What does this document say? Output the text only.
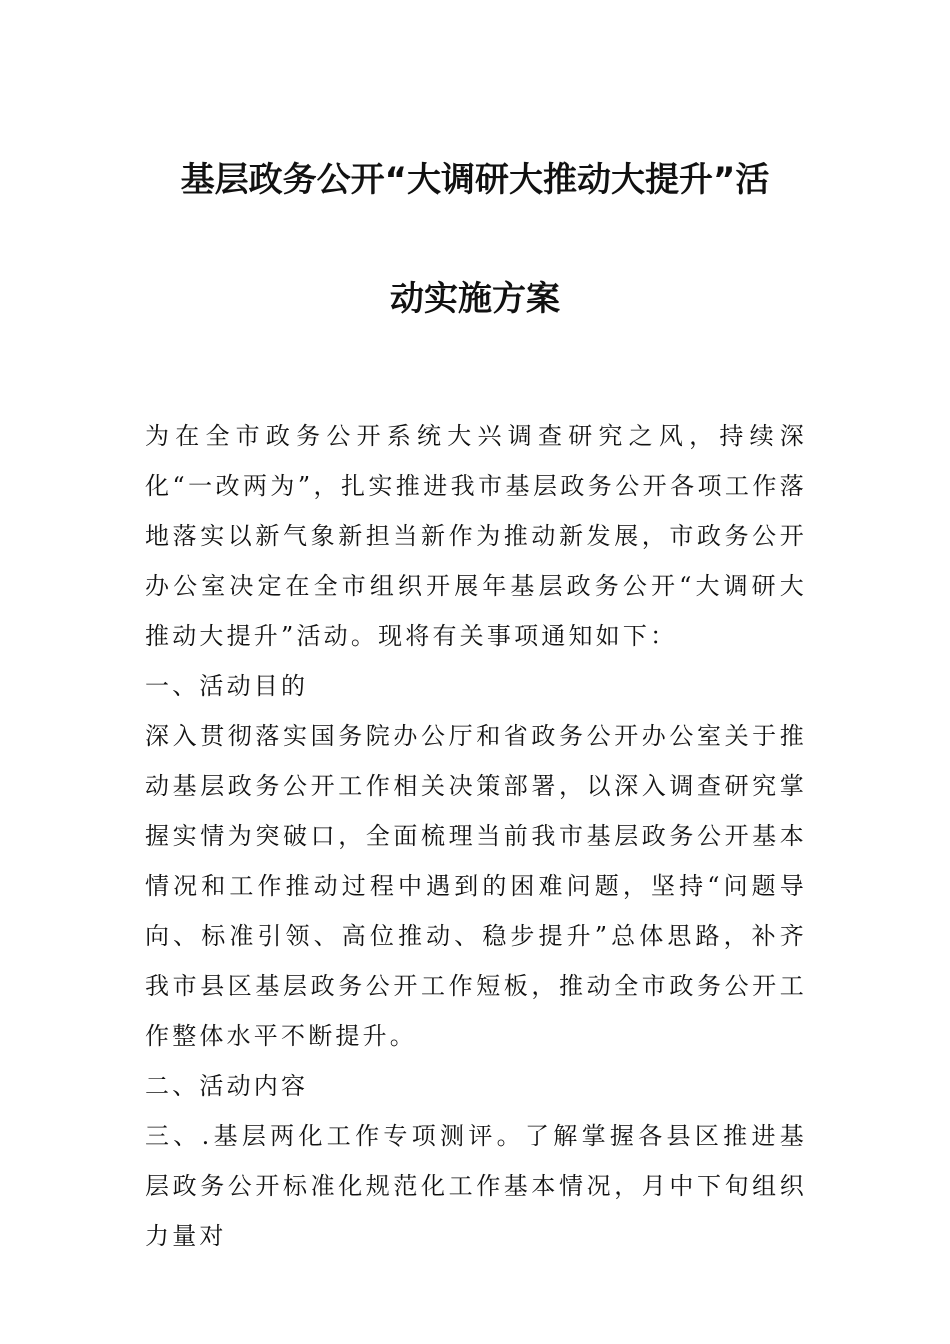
基层政务公开“大调研大推动大提升”活
动实施方案

为在全市政务公开系统大兴调查研究之风，持续深化“一改两为”，扎实推进我市基层政务公开各项工作落地落实以新气象新担当新作为推动新发展，市政务公开办公室决定在全市组织开展年基层政务公开“大调研大推动大提升”活动。现将有关事项通知如下：

一、活动目的

深入贯彻落实国务院办公厅和省政务公开办公室关于推动基层政务公开工作相关决策部署，以深入调查研究掌握实情为突破口，全面梳理当前我市基层政务公开基本情况和工作推动过程中遇到的困难问题，坚持“问题导向、标准引领、高位推动、稳步提升”总体思路，补齐我市县区基层政务公开工作短板，推动全市政务公开工作整体水平不断提升。

二、活动内容

三、.基层两化工作专项测评。了解掌握各县区推进基层政务公开标准化规范化工作基本情况，月中下旬组织力量对
